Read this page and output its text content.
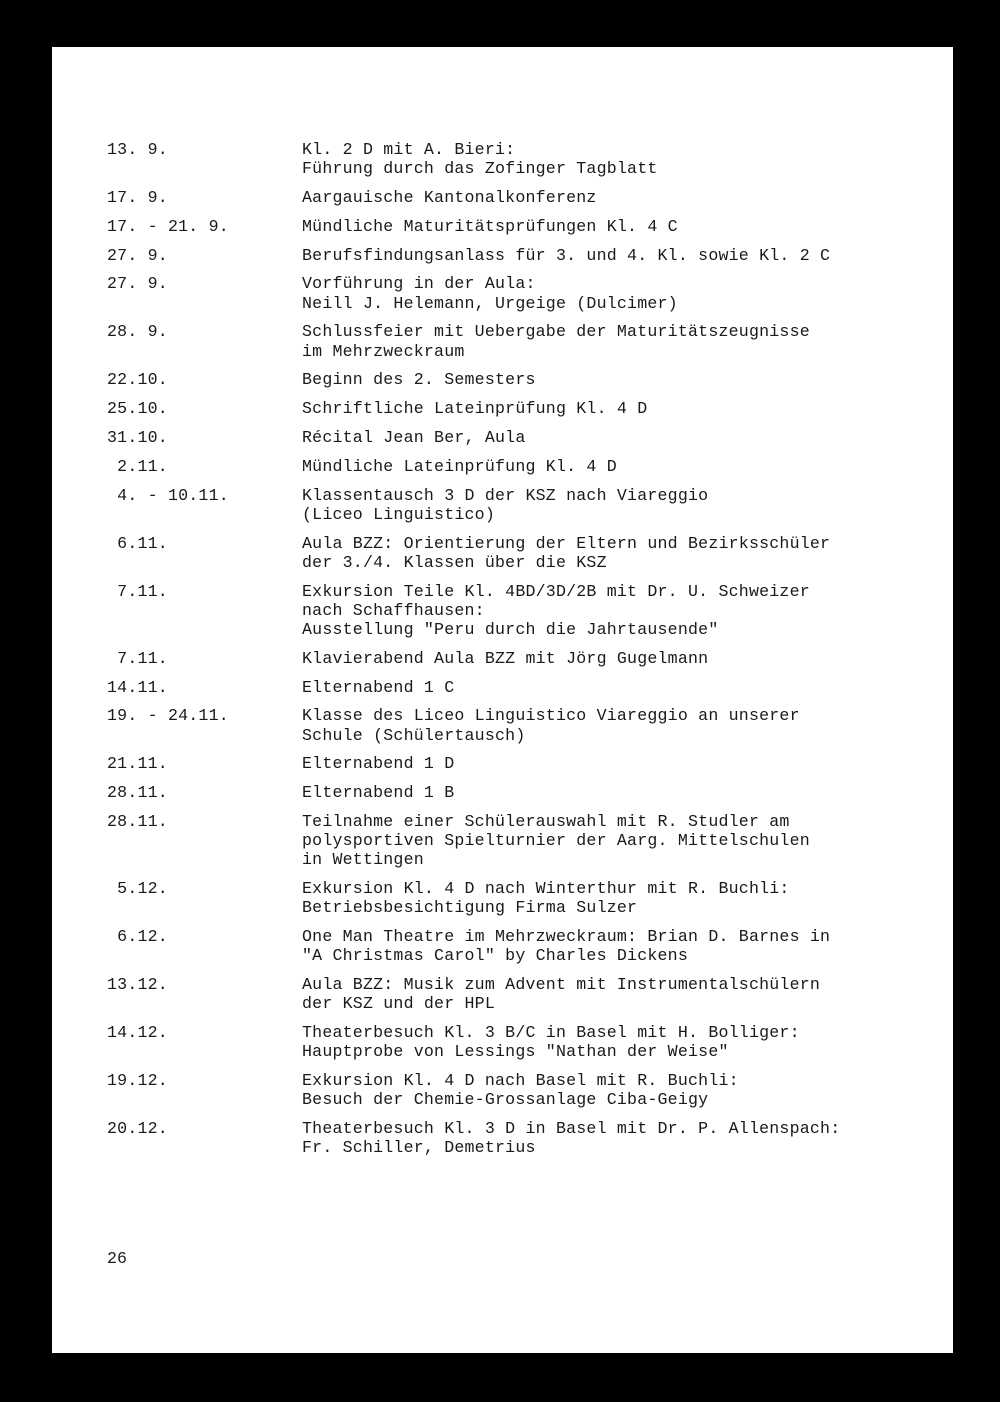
13. 9.	Kl. 2 D mit A. Bieri:
Führung durch das Zofinger Tagblatt
17. 9.	Aargauische Kantonalkonferenz
17. - 21. 9.	Mündliche Maturitätsprüfungen Kl. 4 C
27. 9.	Berufsfindungsanlass für 3. und 4. Kl. sowie Kl. 2 C
27. 9.	Vorführung in der Aula:
Neill J. Helemann, Urgeige (Dulcimer)
28. 9.	Schlussfeier mit Uebergabe der Maturitätszeugnisse
im Mehrzweckraum
22.10.	Beginn des 2. Semesters
25.10.	Schriftliche Lateinprüfung Kl. 4 D
31.10.	Récital Jean Ber, Aula
2.11.	Mündliche Lateinprüfung Kl. 4 D
4. - 10.11.	Klassentausch 3 D der KSZ nach Viareggio
(Liceo Linguistico)
6.11.	Aula BZZ: Orientierung der Eltern und Bezirksschüler
der 3./4. Klassen über die KSZ
7.11.	Exkursion Teile Kl. 4BD/3D/2B mit Dr. U. Schweizer
nach Schaffhausen:
Ausstellung "Peru durch die Jahrtausende"
7.11.	Klavierabend Aula BZZ mit Jörg Gugelmann
14.11.	Elternabend 1 C
19. - 24.11.	Klasse des Liceo Linguistico Viareggio an unserer
Schule (Schülertausch)
21.11.	Elternabend 1 D
28.11.	Elternabend 1 B
28.11.	Teilnahme einer Schülerauswahl mit R. Studler am
polysportiven Spielturnier der Aarg. Mittelschulen
in Wettingen
5.12.	Exkursion Kl. 4 D nach Winterthur mit R. Buchli:
Betriebsbesichtigung Firma Sulzer
6.12.	One Man Theatre im Mehrzweckraum: Brian D. Barnes in
"A Christmas Carol" by Charles Dickens
13.12.	Aula BZZ: Musik zum Advent mit Instrumentalschülern
der KSZ und der HPL
14.12.	Theaterbesuch Kl. 3 B/C in Basel mit H. Bolliger:
Hauptprobe von Lessings "Nathan der Weise"
19.12.	Exkursion Kl. 4 D nach Basel mit R. Buchli:
Besuch der Chemie-Grossanlage Ciba-Geigy
20.12.	Theaterbesuch Kl. 3 D in Basel mit Dr. P. Allenspach:
Fr. Schiller, Demetrius
26
